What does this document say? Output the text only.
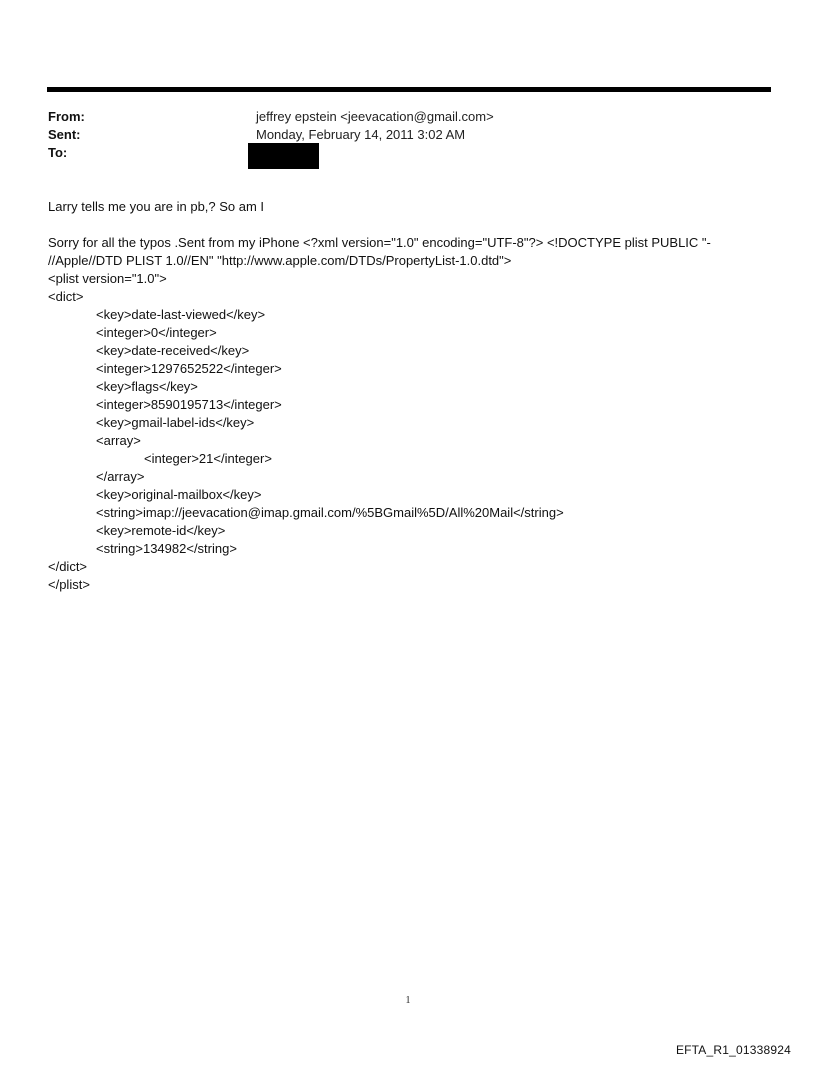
From:	jeffrey epstein <jeevacation@gmail.com>
Sent:	Monday, February 14, 2011 3:02 AM
To:
Larry tells me you are in pb,? So am I
Sorry for all the typos .Sent from my iPhone <?xml version="1.0" encoding="UTF-8"?> <!DOCTYPE plist PUBLIC "-
//Apple//DTD PLIST 1.0//EN" "http://www.apple.com/DTDs/PropertyList-1.0.dtd">
<plist version="1.0">
<dict>
<key>date-last-viewed</key>
<integer>0</integer>
<key>date-received</key>
<integer>1297652522</integer>
<key>flags</key>
<integer>8590195713</integer>
<key>gmail-label-ids</key>
<array>
<integer>21</integer>
</array>
<key>original-mailbox</key>
<string>imap://jeevacation@imap.gmail.com/%5BGmail%5D/All%20Mail</string>
<key>remote-id</key>
<string>134982</string>
</dict>
</plist>
1
EFTA_R1_01338924
